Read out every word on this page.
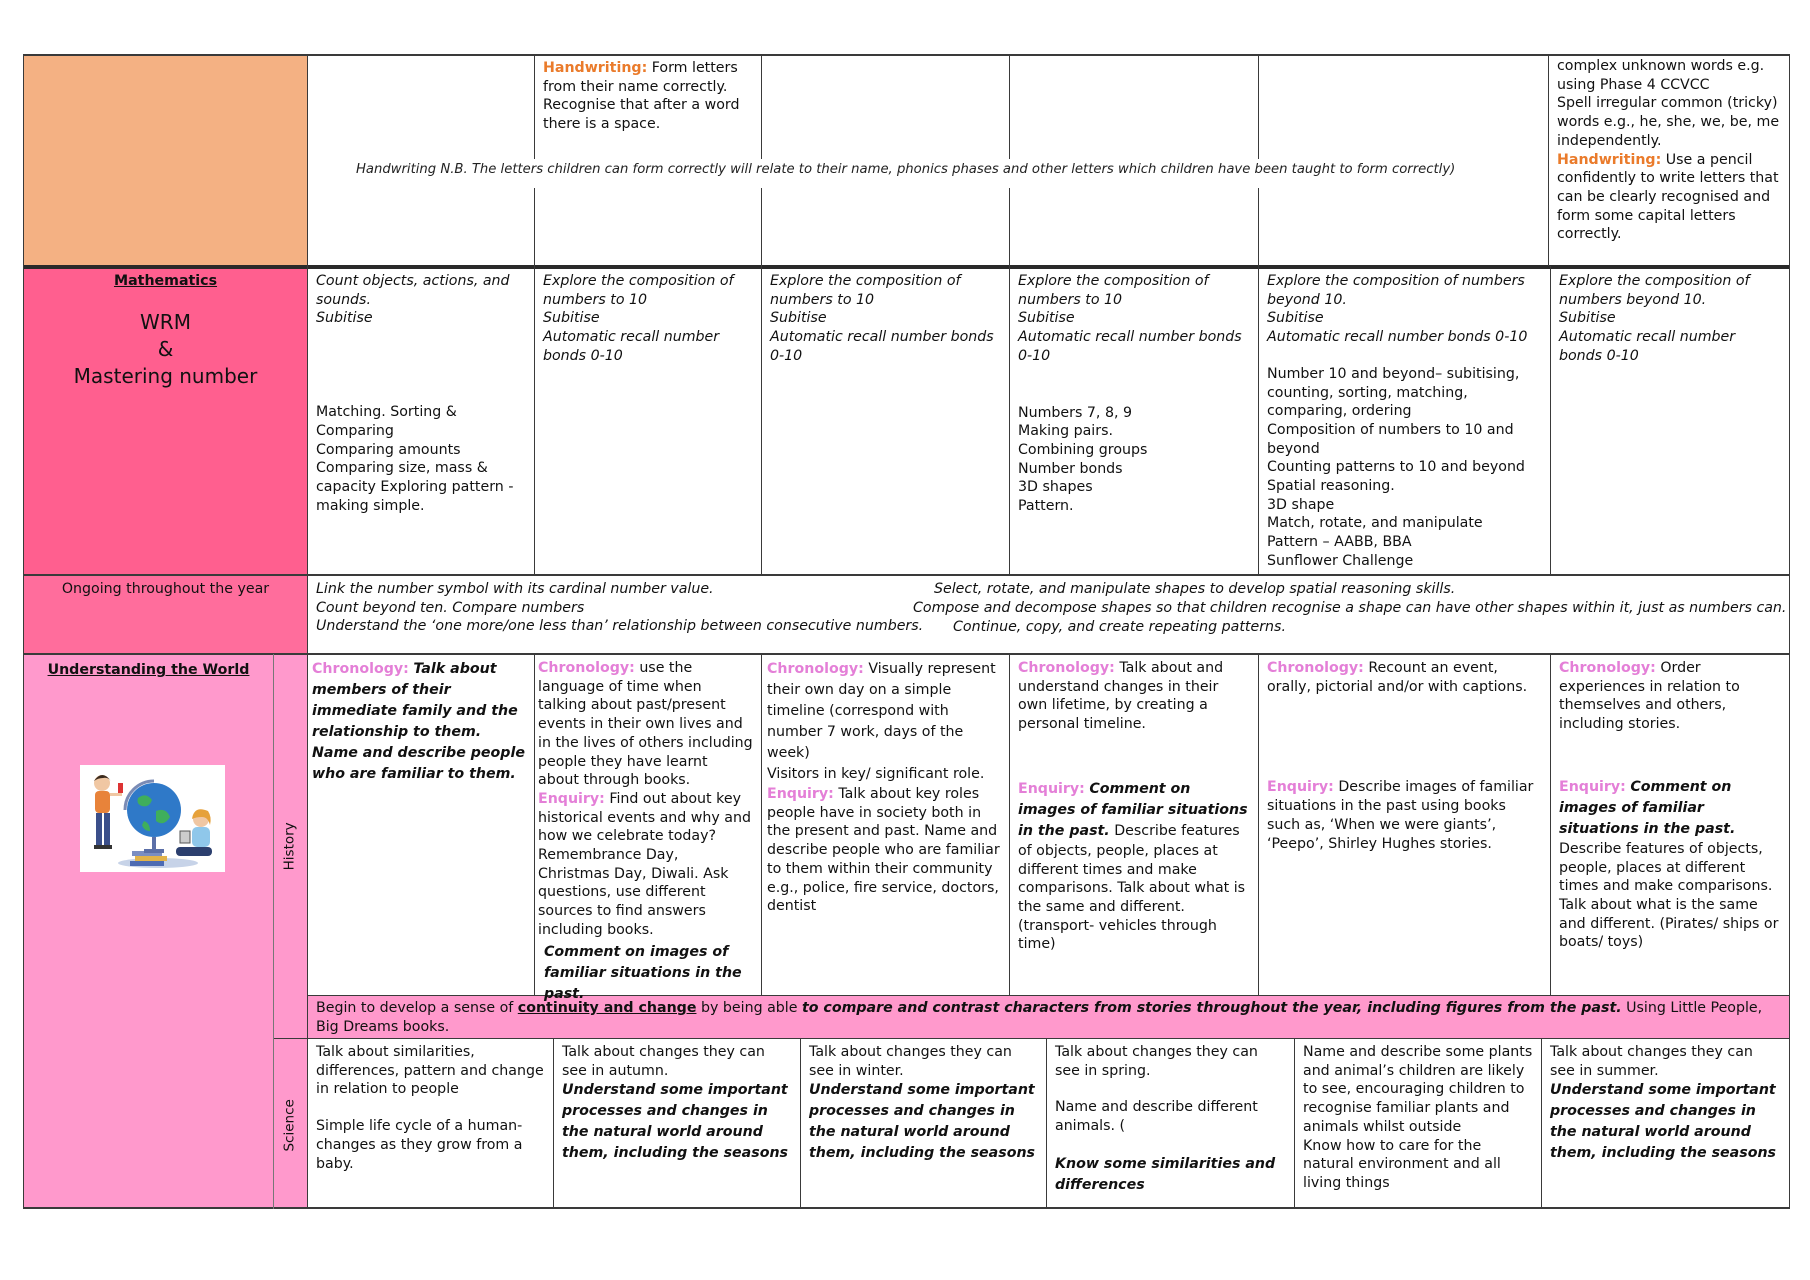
Handwriting: Form letters from their name correctly. Recognise that after a word there is a space.

complex unknown words e.g. using Phase 4 CCVCC

Spell irregular common (tricky) words e.g., he, she, we, be, me independently.

Handwriting: Use a pencil confidently to write letters that can be clearly recognised and form some capital letters correctly.

Handwriting N.B. The letters children can form correctly will relate to their name, phonics phases and other letters which children have been taught to form correctly)

Mathematics

WRM

&

Mastering number

Count objects, actions, and sounds.

Subitise

Matching. Sorting &

Comparing

Comparing amounts

Comparing size, mass &

capacity Exploring pattern -

making simple.

Explore the composition of numbers to 10

Subitise

Automatic recall number bonds 0-10

Explore the composition of numbers to 10

Subitise

Automatic recall number bonds 0-10

Explore the composition of numbers to 10

Subitise

Automatic recall number bonds 0-10

Numbers 7, 8, 9

Making pairs.

Combining groups

Number bonds

3D shapes

Pattern.

Explore the composition of numbers beyond 10.

Subitise

Automatic recall number bonds 0-10

Number 10 and beyond– subitising, counting, sorting, matching, comparing, ordering

Composition of numbers to 10 and beyond

Counting patterns to 10 and beyond

Spatial reasoning.

3D shape

Match, rotate, and manipulate

Pattern – AABB, BBA

Sunflower Challenge

Explore the composition of numbers beyond 10.

Subitise

Automatic recall number bonds 0-10

Ongoing throughout the year	Link the number symbol with its cardinal number value.

Count beyond ten. Compare numbers

Understand the ‘one more/one less than’ relationship between consecutive numbers.

Select, rotate, and manipulate shapes to develop spatial reasoning skills.
Compose and decompose shapes so that children recognise a shape can have other shapes within it, just as numbers can.
Continue, copy, and create repeating patterns.
Understanding the World
History
Science

Chronology: Talk about members of their immediate family and the relationship to them. Name and describe people who are familiar to them.

Chronology: use the language of time when talking about past/present events in their own lives and in the lives of others including people they have learnt about through books.

Enquiry: Find out about key historical events and why and how we celebrate today? Remembrance Day, Christmas Day, Diwali. Ask questions, use different sources to find answers including books.

Comment on images of familiar situations in the past.

Chronology: Visually represent their own day on a simple timeline (correspond with number 7 work, days of the week)

Visitors in key/ significant role.

Enquiry: Talk about key roles people have in society both in the present and past. Name and describe people who are familiar to them within their community e.g., police, fire service, doctors, dentist

Chronology: Talk about and understand changes in their own lifetime, by creating a personal timeline.

Enquiry: Comment on images of familiar situations in the past. Describe features of objects, people, places at different times and make comparisons. Talk about what is the same and different. (transport- vehicles through time)

Chronology: Recount an event, orally, pictorial and/or with captions.

Enquiry: Describe images of familiar situations in the past using books such as, ‘When we were giants’, ‘Peepo’, Shirley Hughes stories.

Chronology: Order experiences in relation to themselves and others, including stories.

Enquiry: Comment on images of familiar situations in the past.

Describe features of objects, people, places at different times and make comparisons. Talk about what is the same and different. (Pirates/ ships or boats/ toys)

Begin to develop a sense of continuity and change by being able to compare and contrast characters from stories throughout the year, including figures from the past. Using Little People, Big Dreams books.

Talk about similarities, differences, pattern and change in relation to people

Simple life cycle of a human- changes as they grow from a baby.

Talk about changes they can see in autumn.

Understand some important processes and changes in the natural world around them, including the seasons

Talk about changes they can see in winter.

Understand some important processes and changes in the natural world around them, including the seasons

Talk about changes they can see in spring.

Name and describe different animals. (

Know some similarities and differences

Name and describe some plants and animal’s children are likely to see, encouraging children to recognise familiar plants and animals whilst outside

Know how to care for the natural environment and all living things

Talk about changes they can see in summer.

Understand some important processes and changes in the natural world around them, including the seasons
